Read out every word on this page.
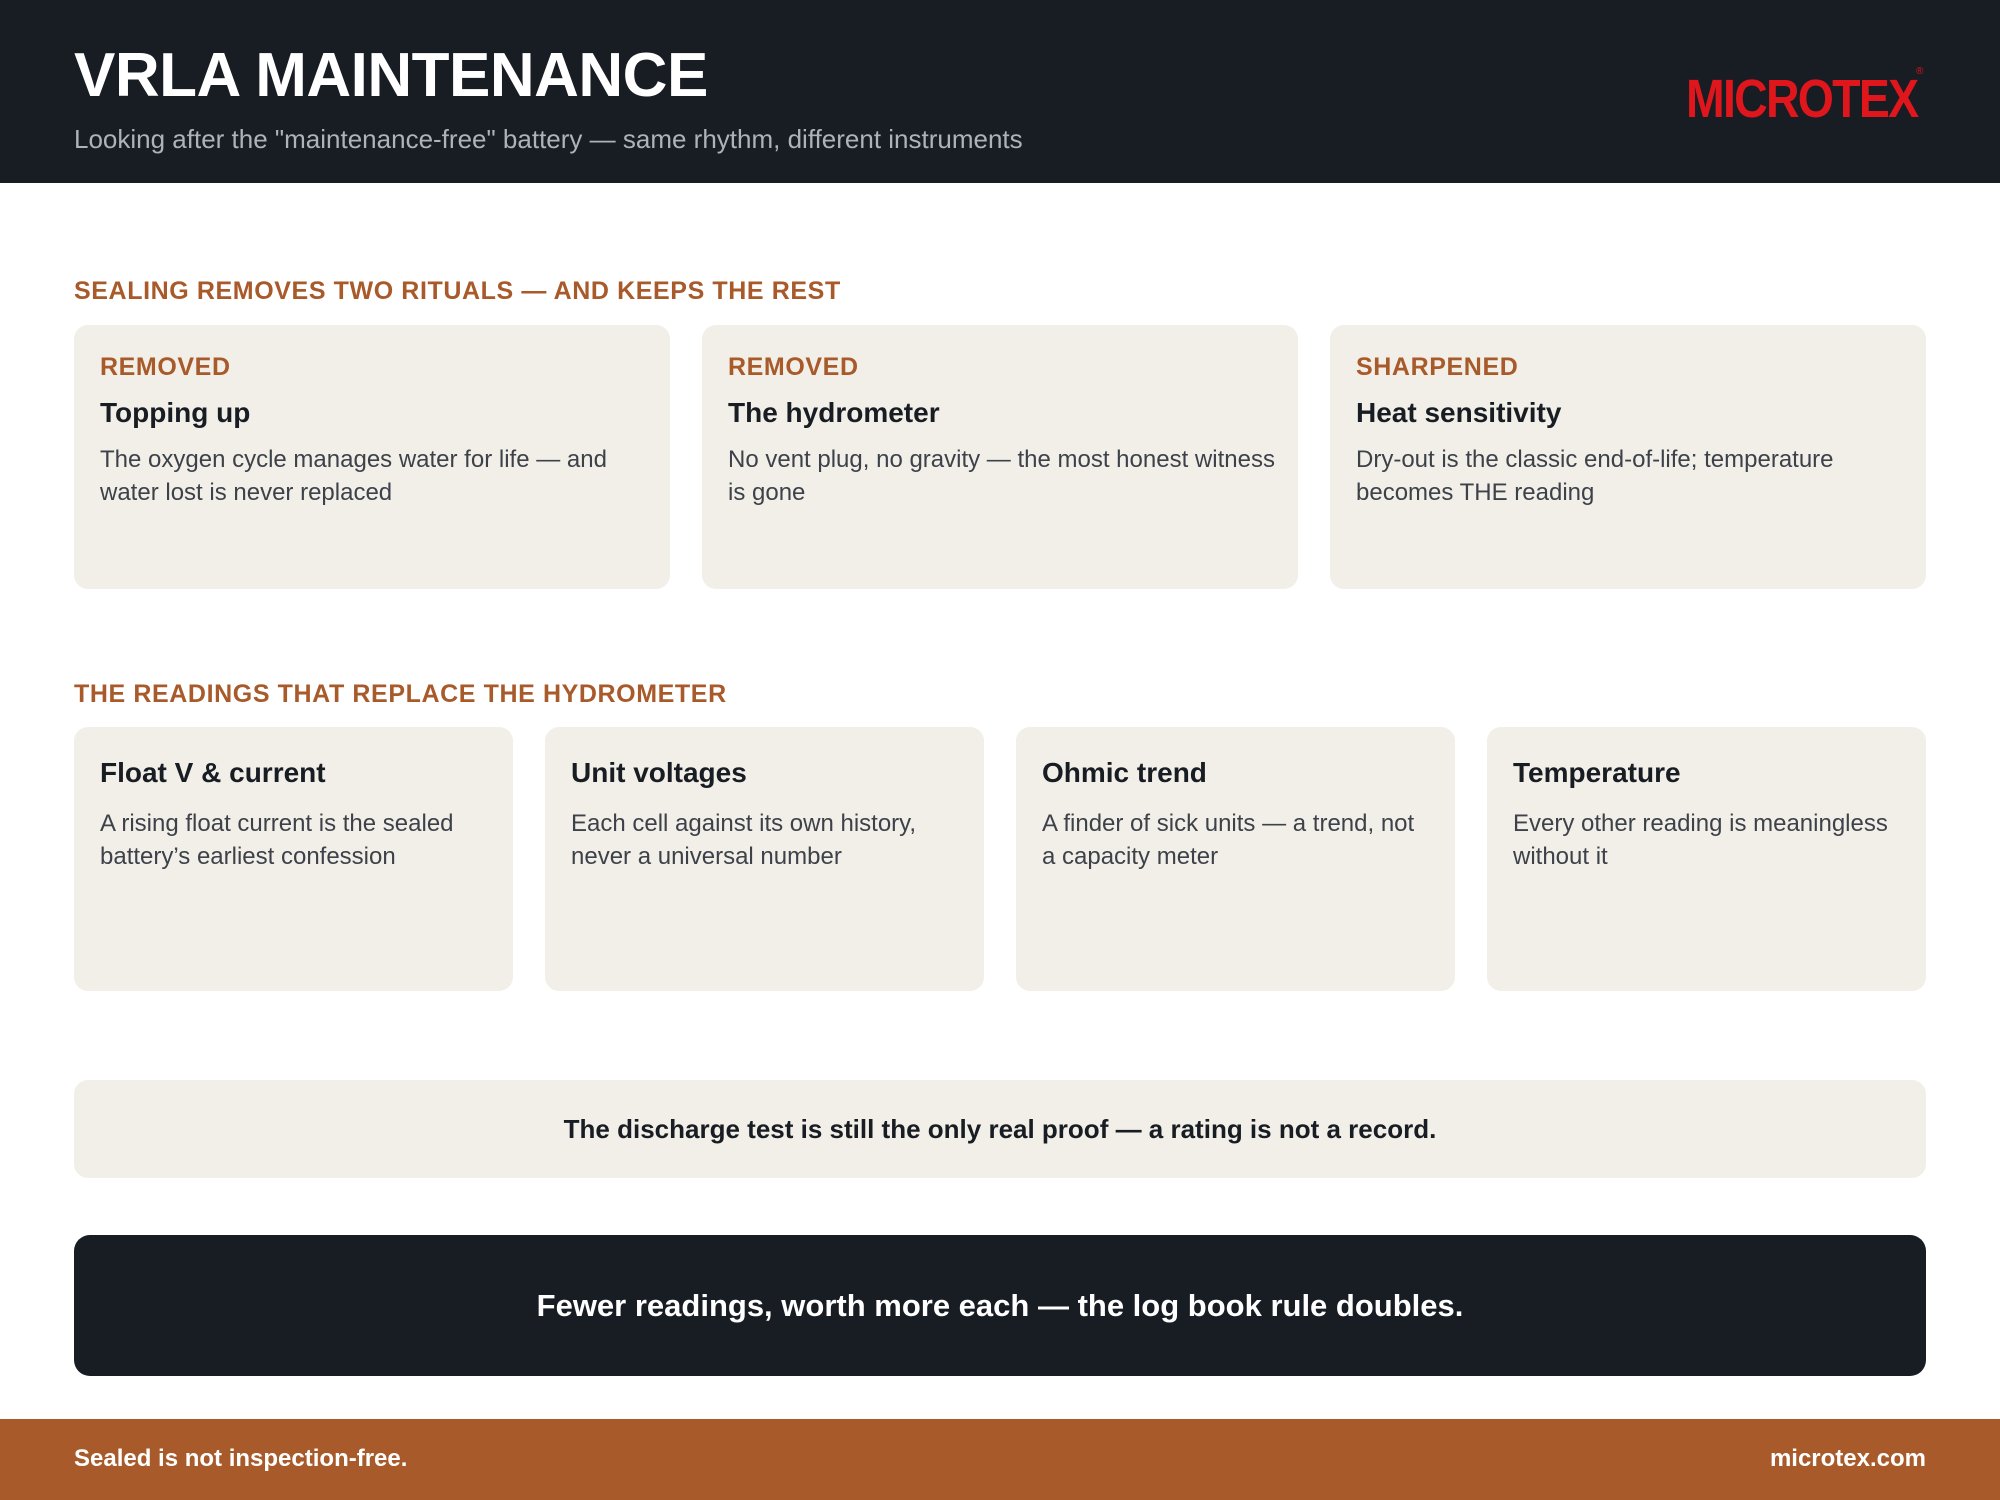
VRLA MAINTENANCE
Looking after the "maintenance-free" battery — same rhythm, different instruments
MICROTEX
®
SEALING REMOVES TWO RITUALS — AND KEEPS THE REST
REMOVED
Topping up
The oxygen cycle manages water for life — and water lost is never replaced
REMOVED
The hydrometer
No vent plug, no gravity — the most honest witness is gone
SHARPENED
Heat sensitivity
Dry-out is the classic end-of-life; temperature becomes THE reading
THE READINGS THAT REPLACE THE HYDROMETER
Float V & current
A rising float current is the sealed battery’s earliest confession
Unit voltages
Each cell against its own history, never a universal number
Ohmic trend
A finder of sick units — a trend, not a capacity meter
Temperature
Every other reading is meaningless without it
The discharge test is still the only real proof — a rating is not a record.
Fewer readings, worth more each — the log book rule doubles.
Sealed is not inspection-free.	microtex.com
